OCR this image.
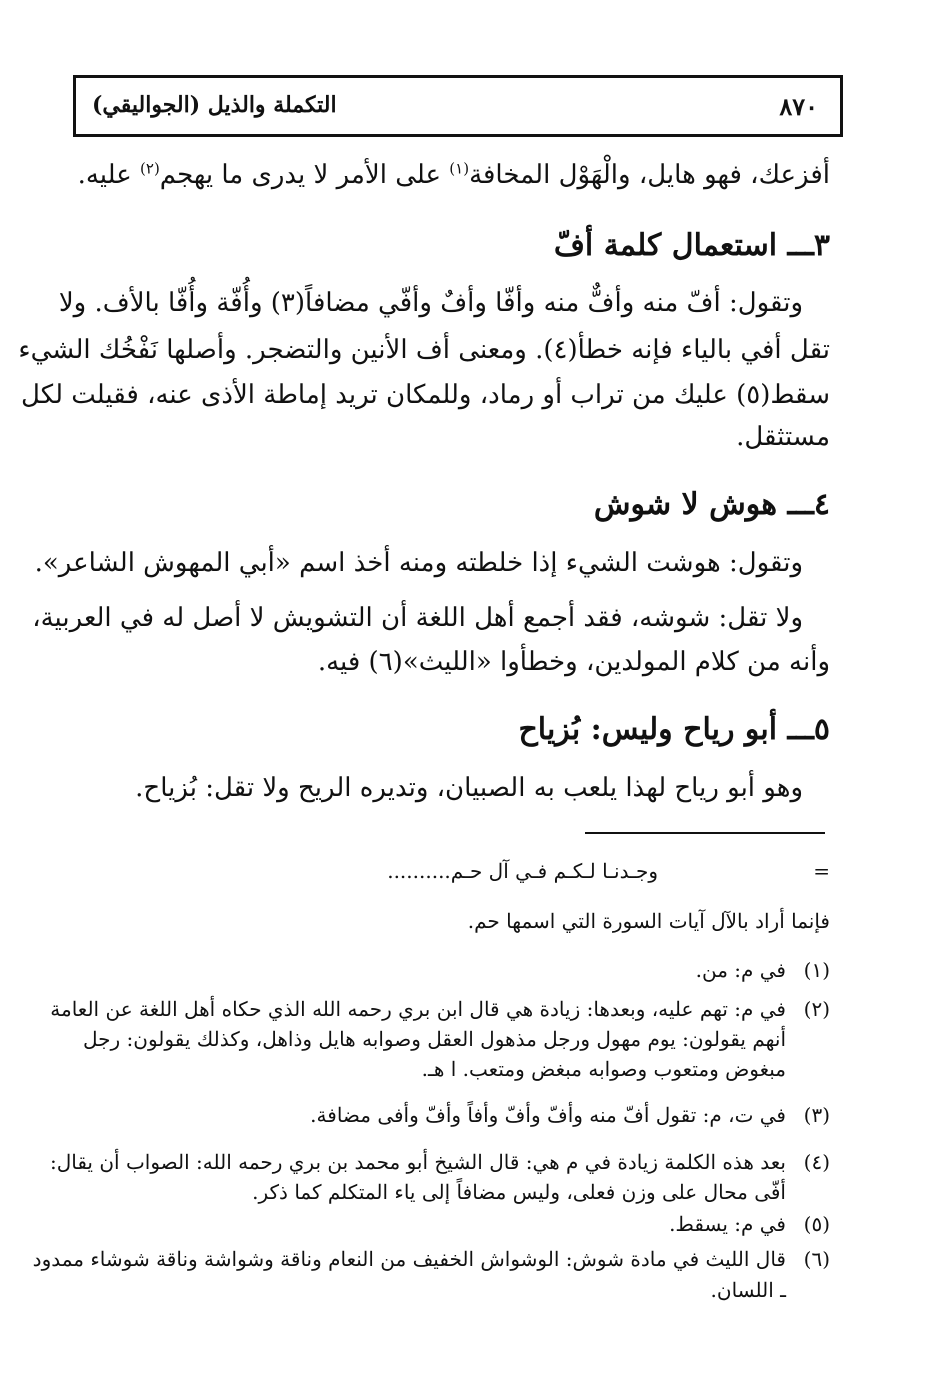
٨٧٠
التكملة والذيل (الجواليقي)
أفزعك، فهو هايل، والْهَوْل المخافة$^{(١)}$ على الأمر لا يدرى ما يهجم$^{(٢)}$ عليه.
٣ـــ استعمال كلمة أفّ
وتقول: أفّ منه وأفٌّ منه وأفّا وأفٌ وأفّي مضافاً(٣) وأُفّة وأُفّا بالأف. ولا
تقل أفي بالياء فإنه خطأ(٤). ومعنى أف الأنين والتضجر. وأصلها نَفْخُك الشيء
سقط(٥) عليك من تراب أو رماد، وللمكان تريد إماطة الأذى عنه، فقيلت لكل
مستثقل.
٤ـــ هوش لا شوش
وتقول: هوشت الشيء إذا خلطته ومنه أخذ اسم «أبي المهوش الشاعر».
ولا تقل: شوشه، فقد أجمع أهل اللغة أن التشويش لا أصل له في العربية،
وأنه من كلام المولدين، وخطأوا «الليث»(٦) فيه.
٥ـــ أبو رياح وليس: بُزياح
وهو أبو رياح لهذا يلعب به الصبيان، وتديره الريح ولا تقل: بُزياح.
=
وجـدنـا لـكـم فـي آل حـم..........
فإنما أراد بالآل آيات السورة التي اسمها حم.
(١)
في م: من.
(٢)
في م: تهم عليه، وبعدها: زيادة هي قال ابن بري رحمه الله الذي حكاه أهل اللغة عن العامة
أنهم يقولون: يوم مهول ورجل مذهول العقل وصوابه هايل وذاهل، وكذلك يقولون: رجل
مبغوض ومتعوب وصوابه مبغض ومتعب. ا هـ.
(٣)
في ت، م: تقول أفّ منه وأفّ وأفّ وأفاً وأفّ وأفى مضافة.
(٤)
بعد هذه الكلمة زيادة في م هي: قال الشيخ أبو محمد بن بري رحمه الله: الصواب أن يقال:
أفّى محال على وزن فعلى، وليس مضافاً إلى ياء المتكلم كما ذكر.
(٥)
في م: يسقط.
(٦)
قال الليث في مادة شوش: الوشواش الخفيف من النعام وناقة وشواشة وناقة شوشاء ممدود
ـ اللسان.
